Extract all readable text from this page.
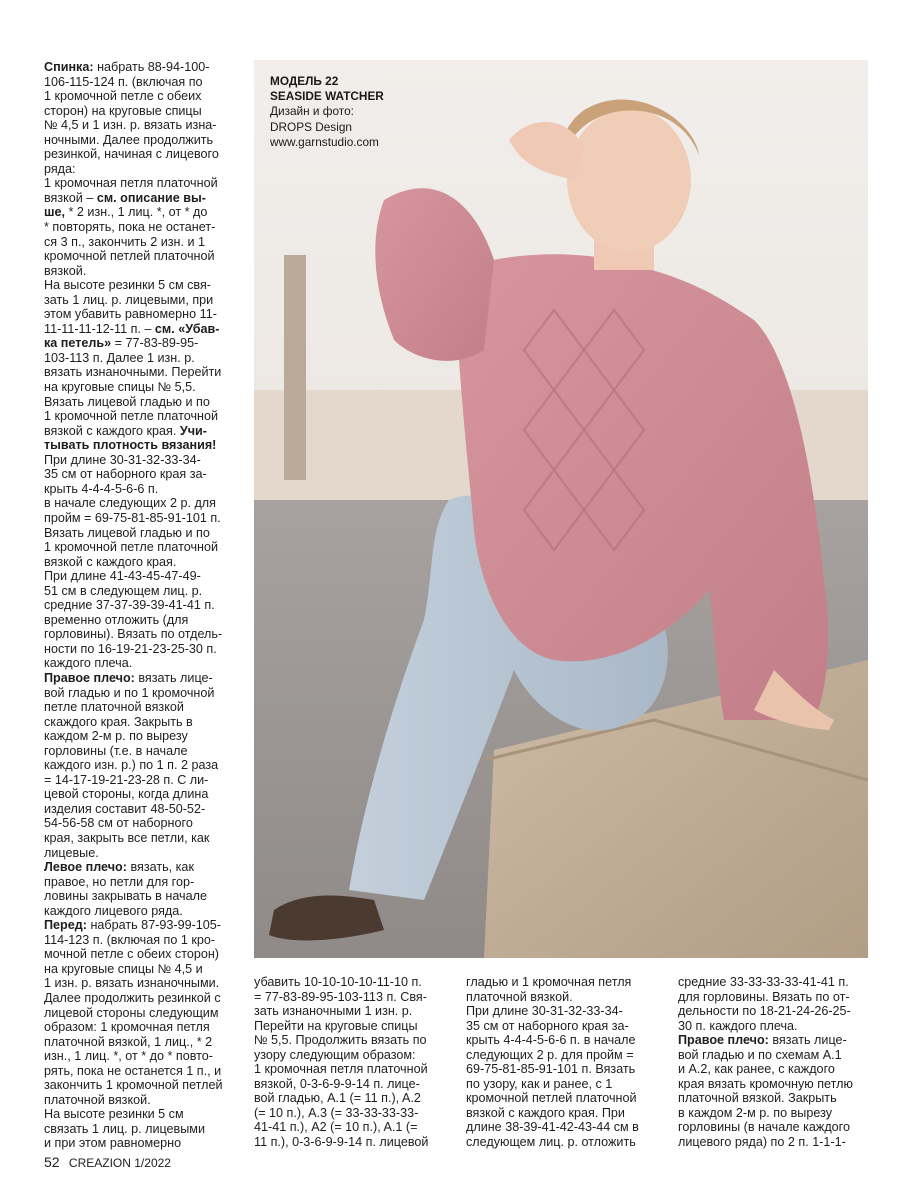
Спинка: набрать 88-94-100-

106-115-124 п. (включая по

1 кромочной петле с обеих

сторон) на круговые спицы

№ 4,5 и 1 изн. р. вязать изна-

ночными. Далее продолжить

резинкой, начиная с лицевого

ряда:

1 кромочная петля платочной

вязкой – см. описание вы-

ше, * 2 изн., 1 лиц. *, от * до

* повторять, пока не останет-

ся 3 п., закончить 2 изн. и 1

кромочной петлей платочной

вязкой.

На высоте резинки 5 см свя-

зать 1 лиц. р. лицевыми, при

этом убавить равномерно 11-

11-11-11-12-11 п. – см. «Убав-

ка петель» = 77-83-89-95-

103-113 п. Далее 1 изн. р.

вязать изнаночными. Перейти

на круговые спицы № 5,5.

Вязать лицевой гладью и по

1 кромочной петле платочной

вязкой с каждого края. Учи-

тывать плотность вязания!

При длине 30-31-32-33-34-

35 см от наборного края за-

крыть 4-4-4-5-6-6 п.

в начале следующих 2 р. для

пройм = 69-75-81-85-91-101 п.

Вязать лицевой гладью и по

1 кромочной петле платочной

вязкой с каждого края.

При длине 41-43-45-47-49-

51 см в следующем лиц. р.

средние 37-37-39-39-41-41 п.

временно отложить (для

горловины). Вязать по отдель-

ности по 16-19-21-23-25-30 п.

каждого плеча.

Правое плечо: вязать лице-

вой гладью и по 1 кромочной

петле платочной вязкой

скаждого края. Закрыть в

каждом 2-м р. по вырезу

горловины (т.е. в начале

каждого изн. р.) по 1 п. 2 раза

= 14-17-19-21-23-28 п. С ли-

цевой стороны, когда длина

изделия составит 48-50-52-

54-56-58 см от наборного

края, закрыть все петли, как

лицевые.

Левое плечо: вязать, как

правое, но петли для гор-

ловины закрывать в начале

каждого лицевого ряда.

Перед: набрать 87-93-99-105-

114-123 п. (включая по 1 кро-

мочной петле с обеих сторон)

на круговые спицы № 4,5 и

1 изн. р. вязать изнаночными.

Далее продолжить резинкой с

лицевой стороны следующим

образом: 1 кромочная петля

платочной вязкой, 1 лиц., * 2

изн., 1 лиц. *, от * до * повто-

рять, пока не останется 1 п., и

закончить 1 кромочной петлей

платочной вязкой.

На высоте резинки 5 см

связать 1 лиц. р. лицевыми

и при этом равномерно

МОДЕЛЬ 22
SEASIDE WATCHER
Дизайн и фото:
DROPS Design
www.garnstudio.com

убавить 10-10-10-10-11-10 п.

= 77-83-89-95-103-113 п. Свя-

зать изнаночными 1 изн. р.

Перейти на круговые спицы

№ 5,5. Продолжить вязать по

узору следующим образом:

1 кромочная петля платочной

вязкой, 0-3-6-9-9-14 п. лице-

вой гладью, A.1 (= 11 п.), A.2

(= 10 п.), A.3 (= 33-33-33-33-

41-41 п.), A2 (= 10 п.), A.1 (=

11 п.), 0-3-6-9-9-14 п. лицевой

гладью и 1 кромочная петля

платочной вязкой.

При длине 30-31-32-33-34-

35 см от наборного края за-

крыть 4-4-4-5-6-6 п. в начале

следующих 2 р. для пройм =

69-75-81-85-91-101 п. Вязать

по узору, как и ранее, с 1

кромочной петлей платочной

вязкой с каждого края. При

длине 38-39-41-42-43-44 см в

следующем лиц. р. отложить

средние 33-33-33-33-41-41 п.

для горловины. Вязать по от-

дельности по 18-21-24-26-25-

30 п. каждого плеча.

Правое плечо: вязать лице-

вой гладью и по схемам A.1

и A.2, как ранее, с каждого

края вязать кромочную петлю

платочной вязкой. Закрыть

в каждом 2-м р. по вырезу

горловины (в начале каждого

лицевого ряда) по 2 п. 1-1-1-

52 CREAZION 1/2022
